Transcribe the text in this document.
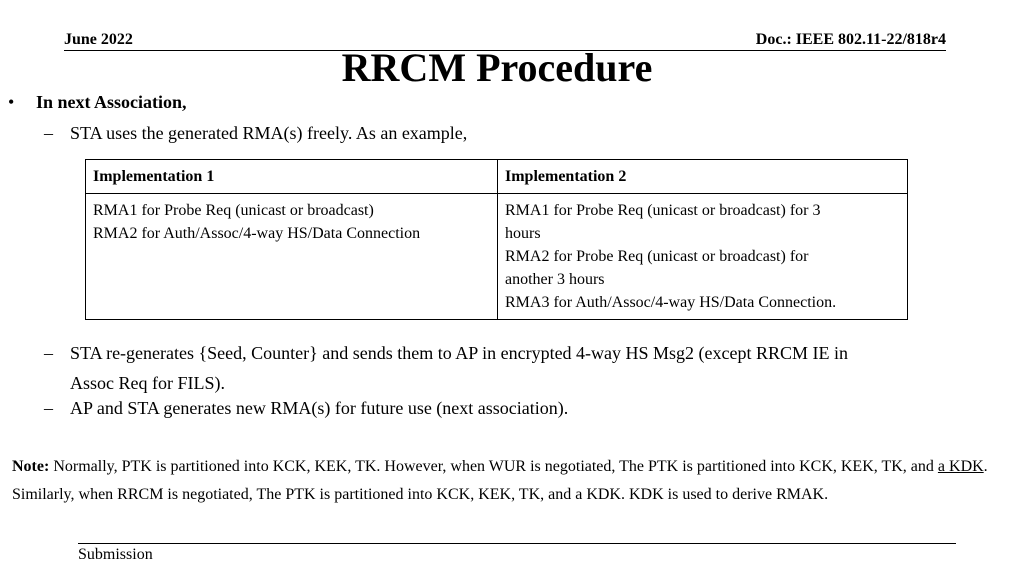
June 2022	Doc.: IEEE 802.11-22/818r4
RRCM Procedure
• In next Association,
– STA uses the generated RMA(s) freely. As an example,
Implementation 1	Implementation 2

RMA1 for Probe Req (unicast or broadcast)
RMA2 for Auth/Assoc/4-way HS/Data Connection	RMA1 for Probe Req (unicast or broadcast) for 3
hours
RMA2 for Probe Req (unicast or broadcast) for
another 3 hours
RMA3 for Auth/Assoc/4-way HS/Data Connection.
– STA re-generates {Seed, Counter} and sends them to AP in encrypted 4-way HS Msg2 (except RRCM IE in
Assoc Req for FILS).
– AP and STA generates new RMA(s) for future use (next association).
Note: Normally, PTK is partitioned into KCK, KEK, TK. However, when WUR is negotiated, The PTK is partitioned into KCK, KEK, TK, and a KDK. Similarly, when RRCM is negotiated, The PTK is partitioned into KCK, KEK, TK, and a KDK. KDK is used to derive RMAK.
Submission
